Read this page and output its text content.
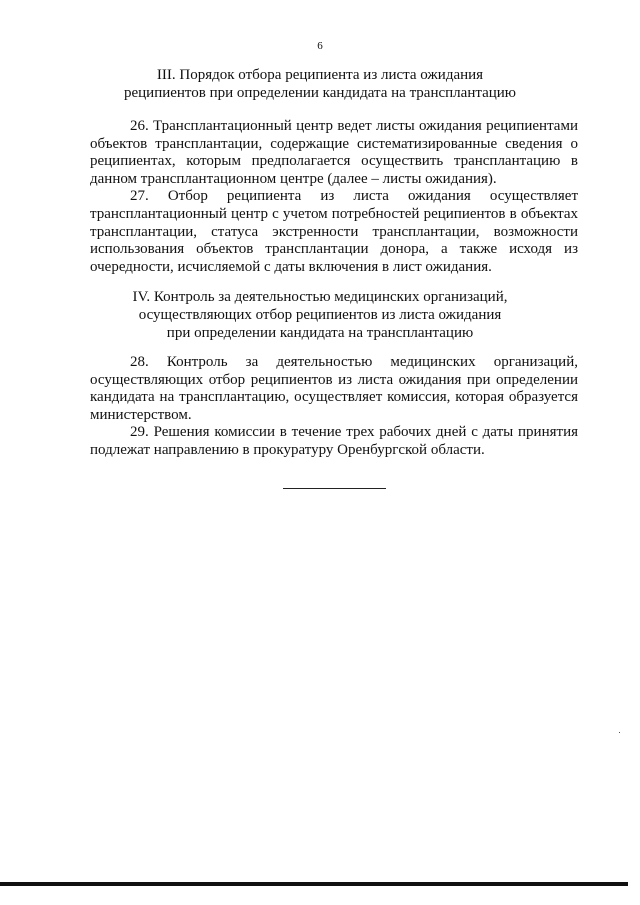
6
III. Порядок отбора реципиента из листа ожидания
реципиентов при определении кандидата на трансплантацию

26. Трансплантационный центр ведет листы ожидания реципиентами объектов трансплантации, содержащие систематизированные сведения о реципиентах, которым предполагается осуществить трансплантацию в данном трансплантационном центре (далее – листы ожидания).

27. Отбор реципиента из листа ожидания осуществляет трансплантационный центр с учетом потребностей реципиентов в объектах трансплантации, статуса экстренности трансплантации, возможности использования объектов трансплантации донора, а также исходя из очередности, исчисляемой с даты включения в лист ожидания.

IV. Контроль за деятельностью медицинских организаций,
осуществляющих отбор реципиентов из листа ожидания
при определении кандидата на трансплантацию

28. Контроль за деятельностью медицинских организаций, осуществляющих отбор реципиентов из листа ожидания при определении кандидата на трансплантацию, осуществляет комиссия, которая образуется министерством.

29. Решения комиссии в течение трех рабочих дней с даты принятия подлежат направлению в прокуратуру Оренбургской области.
